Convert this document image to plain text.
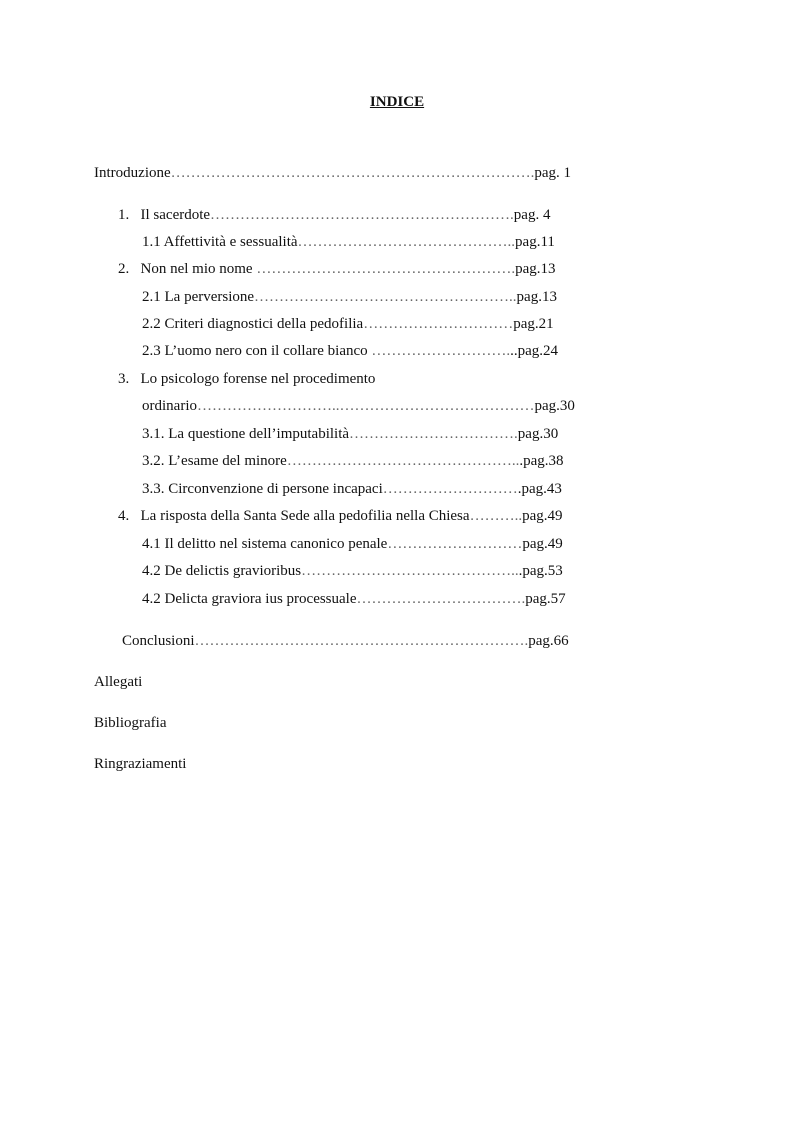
INDICE
Introduzione……………………………………………………………….pag. 1
1. Il sacerdote…………………………………………………….pag. 4
1.1 Affettività e sessualità……………………………………..pag.11
2. Non nel mio nome …………………………………………….pag.13
2.1 La perversione……………………………………………..pag.13
2.2 Criteri diagnostici della pedofilia…………………………pag.21
2.3 L’uomo nero con il collare bianco ………………………...pag.24
3. Lo psicologo forense nel procedimento
ordinario………………………..…………………………………pag.30
3.1. La questione dell’imputabilità…………………………….pag.30
3.2. L’esame del minore………………………………………...pag.38
3.3. Circonvenzione di persone incapaci……………………….pag.43
4. La risposta della Santa Sede alla pedofilia nella Chiesa………..pag.49
4.1 Il delitto nel sistema canonico penale………………………pag.49
4.2 De delictis gravioribus……………………………………...pag.53
4.2 Delicta graviora ius processuale…………………………….pag.57
Conclusioni………………………………………………………….pag.66
Allegati
Bibliografia
Ringraziamenti
